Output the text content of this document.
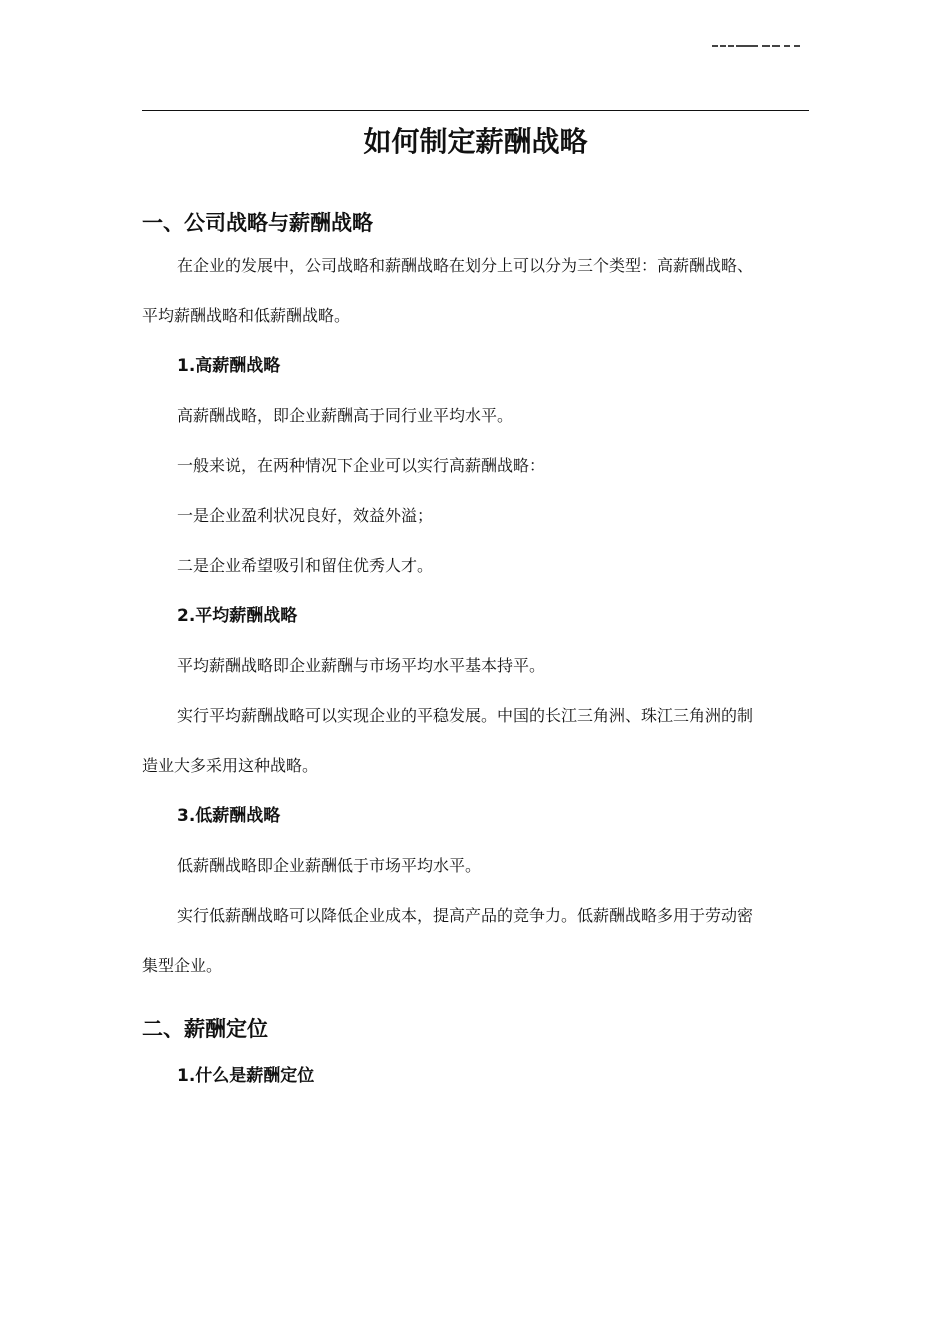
如何制定薪酬战略
一、公司战略与薪酬战略
在企业的发展中，公司战略和薪酬战略在划分上可以分为三个类型：高薪酬战略、
平均薪酬战略和低薪酬战略。
1.高薪酬战略
高薪酬战略，即企业薪酬高于同行业平均水平。
一般来说，在两种情况下企业可以实行高薪酬战略：
一是企业盈利状况良好，效益外溢；
二是企业希望吸引和留住优秀人才。
2.平均薪酬战略
平均薪酬战略即企业薪酬与市场平均水平基本持平。
实行平均薪酬战略可以实现企业的平稳发展。中国的长江三角洲、珠江三角洲的制
造业大多采用这种战略。
3.低薪酬战略
低薪酬战略即企业薪酬低于市场平均水平。
实行低薪酬战略可以降低企业成本，提高产品的竞争力。低薪酬战略多用于劳动密
集型企业。
二、薪酬定位
1.什么是薪酬定位
